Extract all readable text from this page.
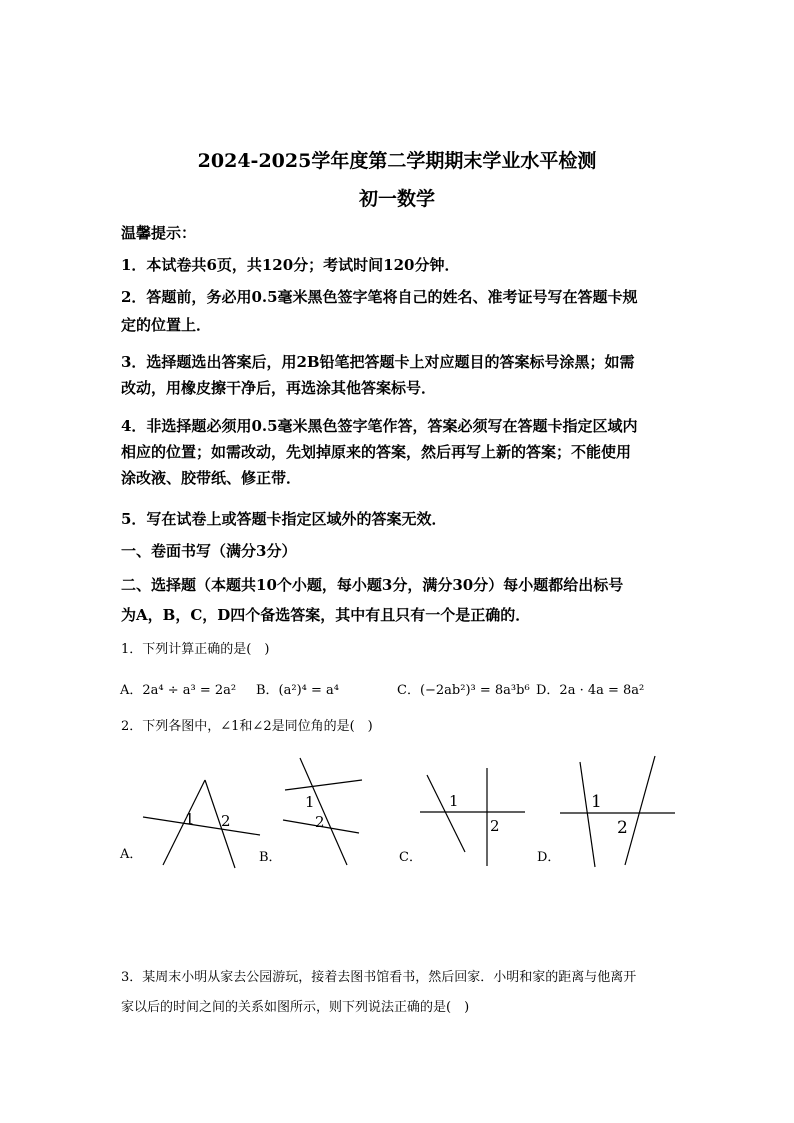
2024-2025学年度第二学期期末学业水平检测
初一数学
温馨提示：
1．本试卷共6页，共120分；考试时间120分钟．
2．答题前，务必用0.5毫米黑色签字笔将自己的姓名、准考证号写在答题卡规
定的位置上．
3．选择题选出答案后，用2B铅笔把答题卡上对应题目的答案标号涂黑；如需
改动，用橡皮擦干净后，再选涂其他答案标号．
4．非选择题必须用0.5毫米黑色签字笔作答，答案必须写在答题卡指定区域内
相应的位置；如需改动，先划掉原来的答案，然后再写上新的答案；不能使用
涂改液、胶带纸、修正带．
5．写在试卷上或答题卡指定区域外的答案无效．
一、卷面书写（满分3分）
二、选择题（本题共10个小题，每小题3分，满分30分）每小题都给出标号
为A，B，C，D四个备选答案，其中有且只有一个是正确的．
1．下列计算正确的是(　)
A．2a⁴ ÷ a³ = 2a² B．(a²)⁴ = a⁴	C．(−2ab²)³ = 8a³b⁶ D．2a · 4a = 8a²
2．下列各图中，∠1和∠2是同位角的是(　)
1 2
A．
1
2
B．
1
2
C．
1
2
D．
3．某周末小明从家去公园游玩，接着去图书馆看书，然后回家．小明和家的距离与他离开
家以后的时间之间的关系如图所示，则下列说法正确的是(　)
